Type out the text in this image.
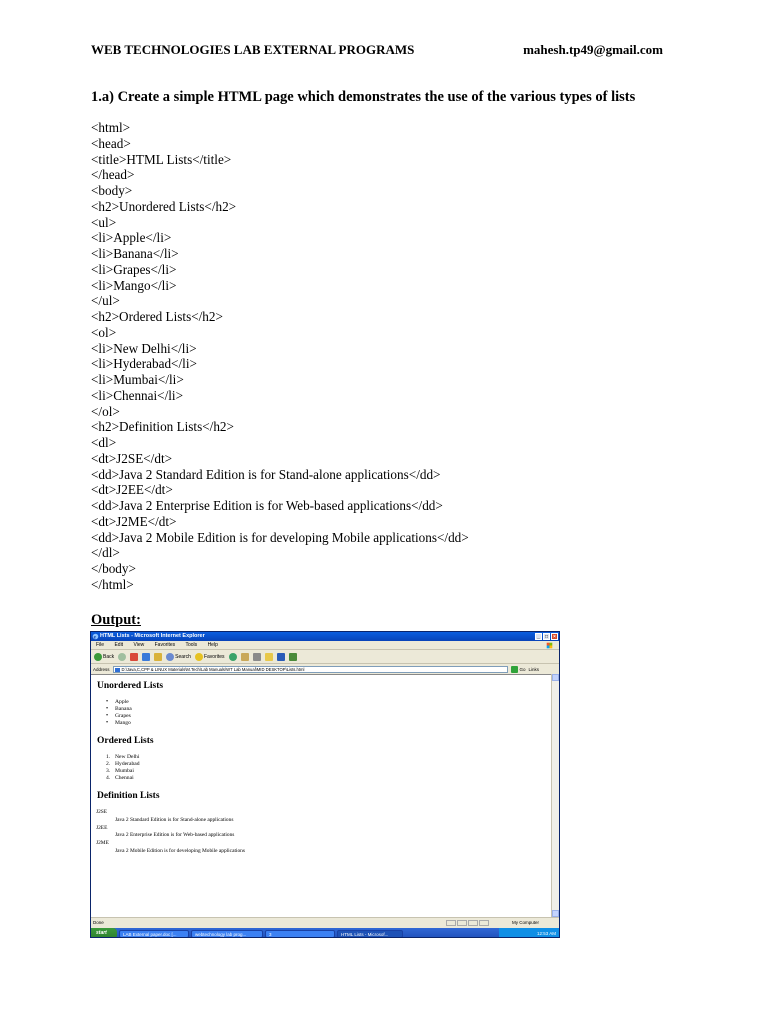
WEB TECHNOLOGIES LAB EXTERNAL PROGRAMS	mahesh.tp49@gmail.com
1.a) Create a simple HTML page which demonstrates the use of the various types of lists
<html>
<head>
<title>HTML Lists</title>
</head>
<body>
<h2>Unordered Lists</h2>
<ul>
<li>Apple</li>
<li>Banana</li>
<li>Grapes</li>
<li>Mango</li>
</ul>
<h2>Ordered Lists</h2>
<ol>
<li>New Delhi</li>
<li>Hyderabad</li>
<li>Mumbai</li>
<li>Chennai</li>
</ol>
<h2>Definition Lists</h2>
<dl>
<dt>J2SE</dt>
<dd>Java 2 Standard Edition is for Stand-alone applications</dd>
<dt>J2EE</dt>
<dd>Java 2 Enterprise Edition is for Web-based applications</dd>
<dt>J2ME</dt>
<dd>Java 2 Mobile Edition is for developing Mobile applications</dd>
</dl>
</body>
</html>
Output:
e HTML Lists - Microsoft Internet Explorer	_	□	×
File Edit View Favorites Tools Help
Back	Search	Favorites
Address	D:\Java,C,CPP & LINUX Materials\M.Tech\Lab Manuals\WT Lab Manual\MID DESKTOP\Lists.html	Go Links
Unordered Lists
• Apple
• Banana
• Grapes
• Mango
Ordered Lists
1. New Delhi
2. Hyderabad
3. Mumbai
4. Chennai
Definition Lists
J2SE
Java 2 Standard Edition is for Stand-alone applications
J2EE
Java 2 Enterprise Edition is for Web-based applications
J2ME
Java 2 Mobile Edition is for developing Mobile applications
Done	My Computer
start	LAB External paper.doc [...	webtechnology lab prog...	3	HTML Lists - Microsof...	12:53 AM
